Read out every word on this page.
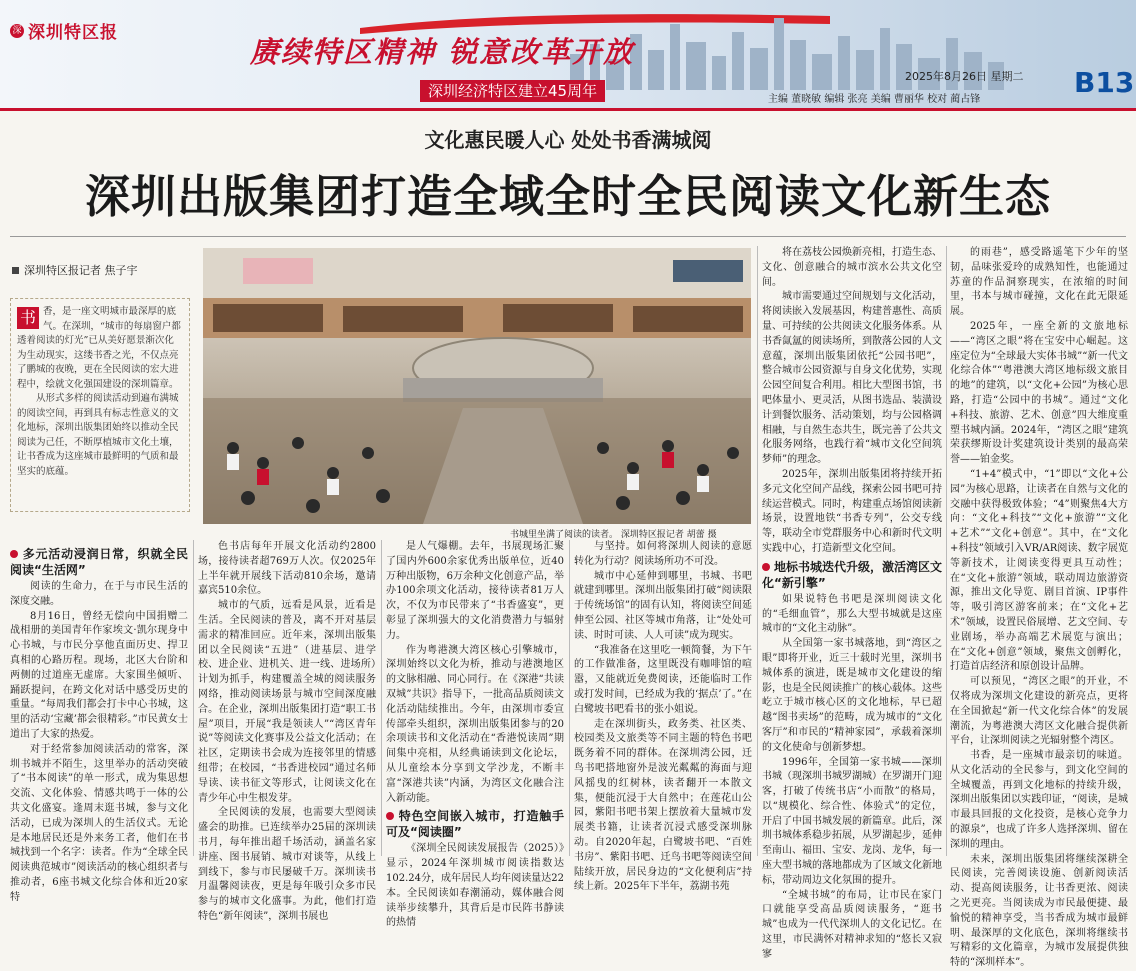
深 深圳特区报
赓续特区精神 锐意改革开放
深圳经济特区建立45周年
2025年8月26日 星期二 B13
主编 董晓敏 编辑 张亮 美编 曹丽华 校对 蔺占锋
文化惠民暖人心 处处书香满城阅
深圳出版集团打造全域全时全民阅读文化新生态
深圳特区报记者 焦子宇
书 香，是一座文明城市最深厚的底气。在深圳，“城市的每扇窗户都透着阅读的灯光”已从美好愿景渐次化为生动现实，这缕书香之光，不仅点亮了鹏城的夜晚，更在全民阅读的宏大进程中，绘就文化强国建设的深圳篇章。

从形式多样的阅读活动到遍布满城的阅读空间，再到具有标志性意义的文化地标，深圳出版集团始终以推动全民阅读为己任，不断厚植城市文化土壤，让书香成为这座城市最鲜明的气质和最坚实的底蕴。

书城里坐满了阅读的读者。 深圳特区报记者 胡蕾 摄
多元活动浸润日常，织就全民阅读“生活网”

阅读的生命力，在于与市民生活的深度交融。

8月16日，曾经无偿向中国捐赠二战相册的美国青年作家埃文·凯尔现身中心书城，与市民分享他直面历史、捍卫真相的心路历程。现场，北区大台阶和两侧的过道座无虚席。大家围坐倾听、踊跃提问，在跨文化对话中感受历史的重量。“每周我们都会打卡中心书城，这里的活动‘宝藏’都会很精彩。”市民黄女士道出了大家的热爱。

对于经常参加阅读活动的常客，深圳书城并不陌生，这里举办的活动突破了“书本阅读”的单一形式，成为集思想交流、文化体验、情感共鸣于一体的公共文化盛宴。逢周末逛书城，参与文化活动，已成为深圳人的生活仪式。无论是本地居民还是外来务工者，他们在书城找到一个名字：读者。作为“全球全民阅读典范城市”阅读活动的核心组织者与推动者，6座书城文化综合体和近20家特

色书店每年开展文化活动约2800场，接待读者超769万人次。仅2025年上半年就开展线下活动810余场，邀请嘉宾510余位。

城市的气质，远看是风景，近看是生活。全民阅读的普及，离不开对基层需求的精准回应。近年来，深圳出版集团以全民阅读“五进”（进基层、进学校、进企业、进机关、进一线、进场所）计划为抓手，构建覆盖全城的阅读服务网络，推动阅读场景与城市空间深度融合。在企业，深圳出版集团打造“职工书屋”项目，开展“我是领读人”“湾区青年说”等阅读文化赛事及公益文化活动；在社区，定期读书会成为连接邻里的情感纽带；在校园，“书香进校园”通过名师导读、读书征文等形式，让阅读文化在青少年心中生根发芽。

全民阅读的发展，也需要大型阅读盛会的助推。已连续举办25届的深圳读书月，每年推出超千场活动，涵盖名家讲座、图书展销、城市对谈等，从线上到线下，参与市民屡破千万。深圳读书月温馨阅读夜，更是每年吸引众多市民参与的城市文化盛事。为此，他们打造特色“新年阅读”，深圳书展也

是人气爆棚。去年，书展现场汇聚了国内外600余家优秀出版单位，近40万种出版物，6万余种文化创意产品，举办100余项文化活动，接待读者81万人次，不仅为市民带来了“书香盛宴”，更彰显了深圳强大的文化消费潜力与辐射力。

作为粤港澳大湾区核心引擎城市，深圳始终以文化为桥，推动与港澳地区的文脉相融、同心同行。在《深港“共读双城”共识》指导下，一批高品质阅读文化活动陆续推出。今年，由深圳市委宣传部牵头组织，深圳出版集团参与的20余项读书和文化活动在“香港悦读周”期间集中亮相，从经典诵读到文化论坛，从儿童绘本分享到文学沙龙，不断丰富“深港共读”内涵，为湾区文化融合注入新动能。

特色空间嵌入城市，打造触手可及“阅读圈”

《深圳全民阅读发展报告（2025）》显示，2024年深圳城市阅读指数达102.24分，成年居民人均年阅读量达22本。全民阅读如春潮涌动，媒体融合阅读举步续攀升，其背后是市民阵书静读的热情

与坚持。如何将深圳人阅读的意愿转化为行动？阅读场所功不可没。

城市中心延伸到哪里，书城、书吧就建到哪里。深圳出版集团打破“阅读限于传统场馆”的固有认知，将阅读空间延伸至公园、社区等城市角落，让“处处可读、时时可读、人人可读”成为现实。

“我准备在这里吃一顿简餐，为下午的工作做准备，这里既没有咖啡馆的喧嚣，又能就近免费阅读，还能临时工作或打发时间，已经成为我的‘据点’了。”在白鹭坡书吧看书的张小姐说。

走在深圳街头，政务类、社区类、校园类及文旅类等不同主题的特色书吧既务着不同的群体。在深圳湾公园，迁鸟书吧搭地窗外是波光粼粼的海面与迎风摇曳的红树林，读者翻开一本散文集，便能沉浸于大自然中；在莲花山公园，紫阳书吧书架上摆放着大量城市发展类书籍，让读者沉浸式感受深圳脉动。自2020年起，白鹭坡书吧、“百姓书房”、紫阳书吧、迁鸟书吧等阅读空间陆续开放，居民身边的“文化便利店”持续上新。2025年下半年，荔湖书苑

将在荔枝公园焕新亮相，打造生态、文化、创意融合的城市滨水公共文化空间。

城市需要通过空间规划与文化活动，将阅读嵌入发展基因，构建普惠性、高质量、可持续的公共阅读文化服务体系。从书香氤氲的阅读场所，到散落公园的人文意蕴，深圳出版集团依托“公园书吧”，整合城市公园资源与自身文化优势，实现公园空间复合利用。相比大型图书馆，书吧体量小、更灵活，从图书选品、装潢设计到餐饮服务、活动策划，均与公园格调相融，与自然生态共生，既完善了公共文化服务网络，也践行着“城市文化空间筑梦师”的理念。

2025年，深圳出版集团将持续开拓多元文化空间产品线，探索公园书吧可持续运营模式。同时，构建重点场馆阅读新场景，设置地铁“书香专列”，公交专线等，联动全市党群服务中心和新时代文明实践中心，打造新型文化空间。

地标书城迭代升级，激活湾区文化“新引擎”

如果说特色书吧是深圳阅读文化的“毛细血管”，那么大型书城就是这座城市的“文化主动脉”。

从全国第一家书城落地，到“湾区之眼”即将开业，近三十载时光里，深圳书城体系的演进，既是城市文化建设的缩影，也是全民阅读推广的核心载体。这些屹立于城市核心区的文化地标，早已超越“图书卖场”的范畴，成为城市的“文化客厅”和市民的“精神家园”，承载着深圳的文化使命与创新梦想。

1996年，全国第一家书城——深圳书城（现深圳书城罗湖城）在罗湖开门迎客，打破了传统书店“小而散”的格局，以“规模化、综合性、体验式”的定位，开启了中国书城发展的新篇章。此后，深圳书城体系稳步拓展，从罗湖起步，延伸至南山、福田、宝安、龙岗、龙华，每一座大型书城的落地都成为了区域文化新地标，带动周边文化氛围的提升。

“全城书城”的布局，让市民在家门口就能享受高品质阅读服务，“逛书城”也成为一代代深圳人的文化记忆。在这里，市民满怀对精神求知的“悠长又寂寥

的雨巷”，感受路遥笔下少年的坚韧，品味张爱玲的成熟知性，也能通过苏童的作品洞察现实，在浓缩的时间里，书本与城市碰撞，文化在此无限延展。

2025年，一座全新的文旅地标——“湾区之眼”将在宝安中心崛起。这座定位为“全球最大实体书城”“新一代文化综合体”“粤港澳大湾区地标级文旅目的地”的建筑，以“文化+公园”为核心思路，打造“公园中的书城”。通过“文化+科技、旅游、艺术、创意”四大维度重塑书城内涵。2024年，“湾区之眼”建筑荣获缪斯设计奖建筑设计类别的最高荣誉——铂金奖。

“1+4”模式中，“1”即以“文化+公园”为核心思路，让读者在自然与文化的交融中获得极致体验；“4”则聚焦4大方向：“文化+科技”“文化+旅游”“文化+艺术”“文化+创意”。其中，在“文化+科技”领域引入VR/AR阅读、数字展览等新技术，让阅读变得更具互动性；在“文化+旅游”领域，联动周边旅游资源，推出文化导览、剧目首演、IP事件等，吸引湾区游客前来；在“文化+艺术”领域，设置民俗展增、艺文空间、专业剧场，举办高端艺术展览与演出；在“文化+创意”领域，聚焦文创孵化，打造首店经济和原创设计品牌。

可以预见，“湾区之眼”的开业，不仅将成为深圳文化建设的新亮点，更将在全国掀起“新一代文化综合体”的发展潮流，为粤港澳大湾区文化融合提供新平台，让深圳阅读之光辐射整个湾区。

书香，是一座城市最亲切的味道。从文化活动的全民参与，到文化空间的全城覆盖，再到文化地标的持续升级，深圳出版集团以实践印证，“阅读，是城市最具回报的文化投资，是核心竞争力的源泉”，也成了许多人选择深圳、留在深圳的理由。

未来，深圳出版集团将继续深耕全民阅读，完善阅读设施、创新阅读活动、提高阅读服务，让书香更浓、阅读之光更亮。当阅读成为市民最便捷、最愉悦的精神享受，当书香成为城市最鲜明、最深厚的文化底色，深圳将继续书写精彩的文化篇章，为城市发展提供独特的“深圳样本”。
